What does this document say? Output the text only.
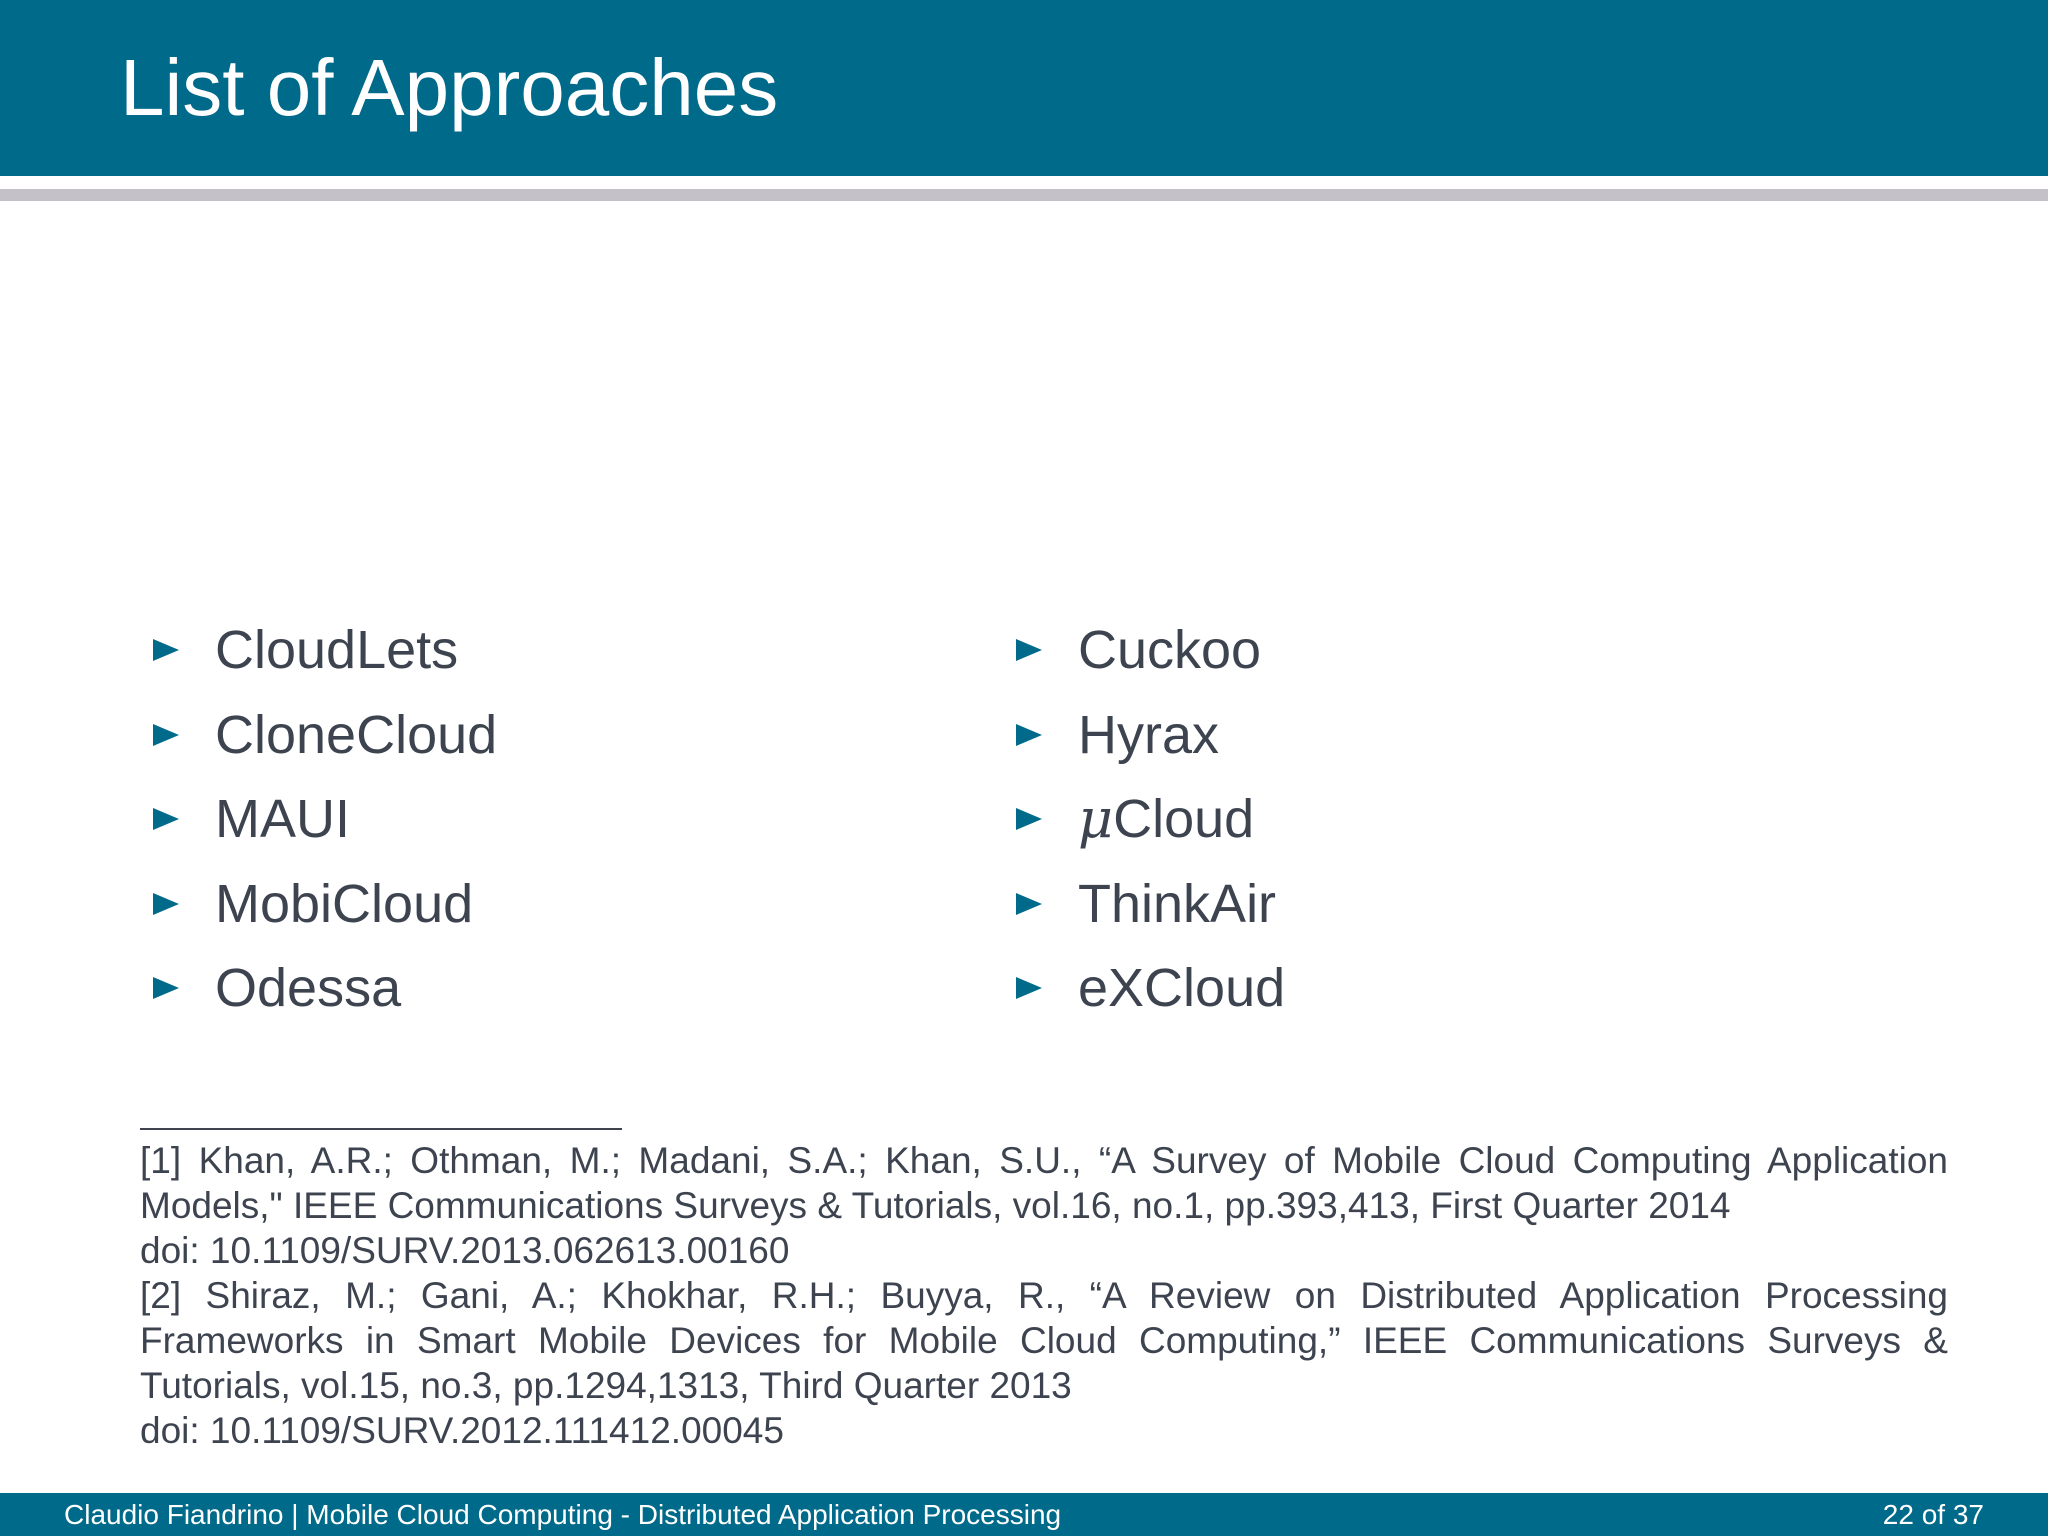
List of Approaches
CloudLets
CloneCloud
MAUI
MobiCloud
Odessa
Cuckoo
Hyrax
μCloud
ThinkAir
eXCloud
[1] Khan, A.R.; Othman, M.; Madani, S.A.; Khan, S.U., “A Survey of Mobile Cloud Computing Application Models," IEEE Communications Surveys & Tutorials, vol.16, no.1, pp.393,413, First Quarter 2014
doi: 10.1109/SURV.2013.062613.00160
[2] Shiraz, M.; Gani, A.; Khokhar, R.H.; Buyya, R., “A Review on Distributed Application Processing Frameworks in Smart Mobile Devices for Mobile Cloud Computing,” IEEE Communications Surveys & Tutorials, vol.15, no.3, pp.1294,1313, Third Quarter 2013
doi: 10.1109/SURV.2012.111412.00045
Claudio Fiandrino | Mobile Cloud Computing - Distributed Application Processing	22 of 37
